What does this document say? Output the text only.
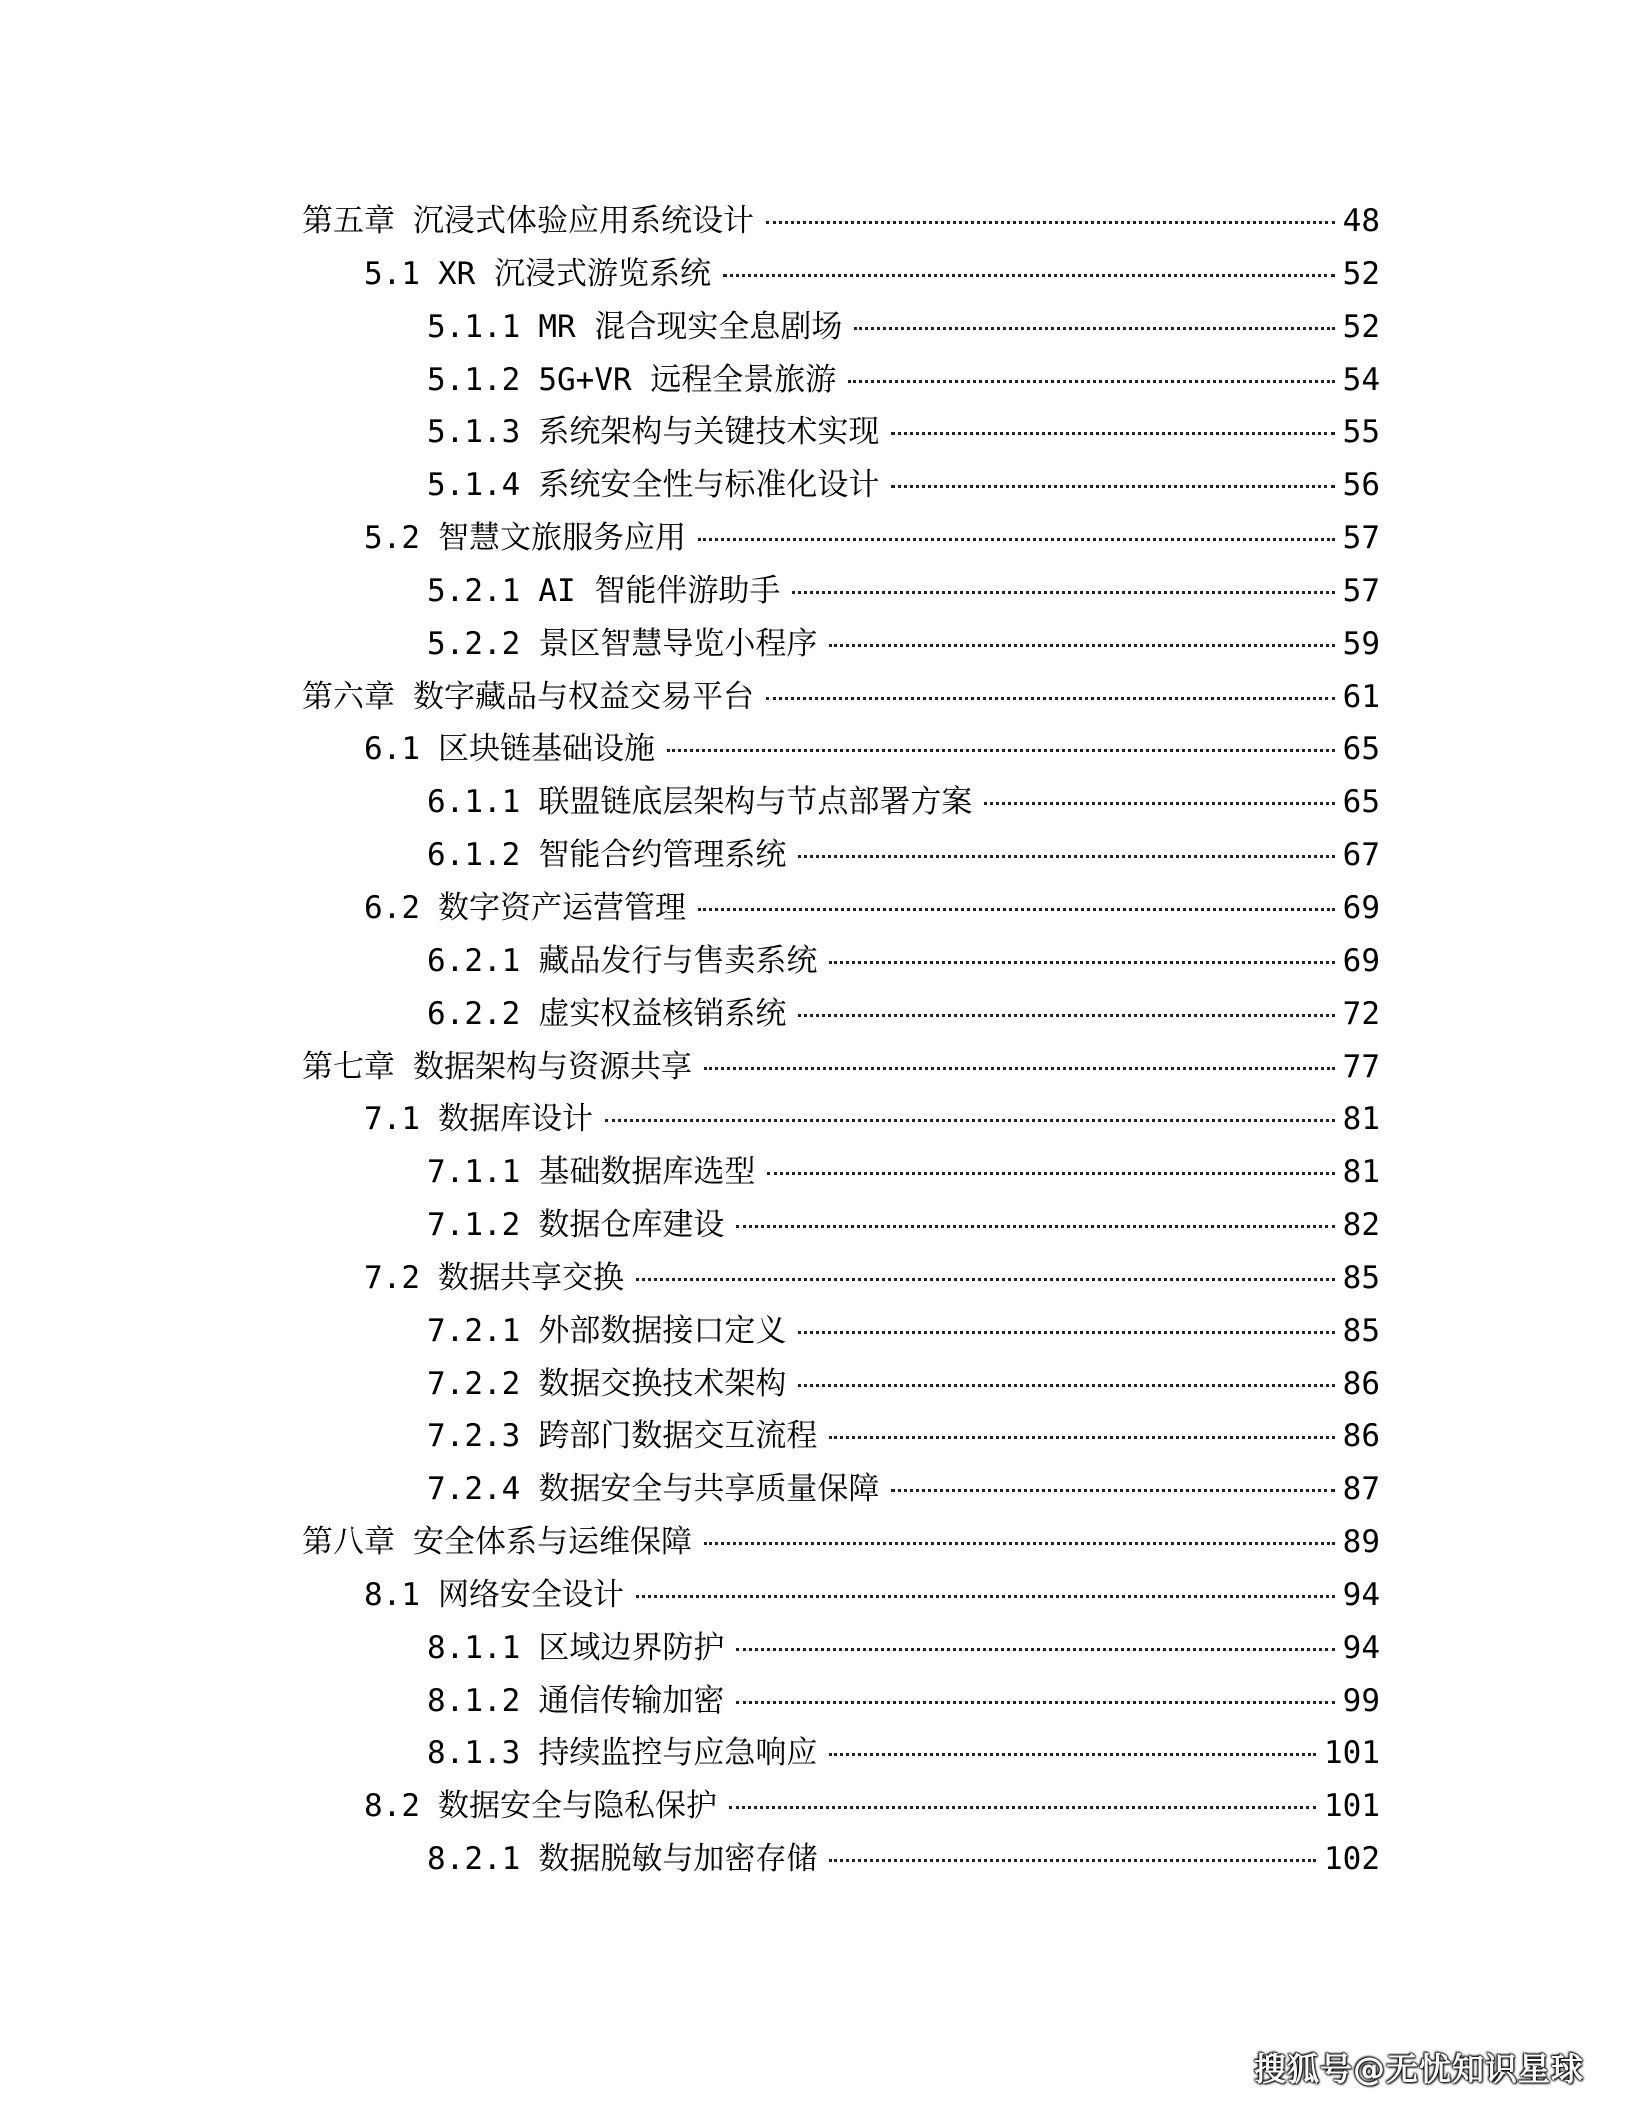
第五章 沉浸式体验应用系统设计	48
5.1 XR 沉浸式游览系统	52
5.1.1 MR 混合现实全息剧场	52
5.1.2 5G+VR 远程全景旅游	54
5.1.3 系统架构与关键技术实现	55
5.1.4 系统安全性与标准化设计	56
5.2 智慧文旅服务应用	57
5.2.1 AI 智能伴游助手	57
5.2.2 景区智慧导览小程序	59
第六章 数字藏品与权益交易平台	61
6.1 区块链基础设施	65
6.1.1 联盟链底层架构与节点部署方案	65
6.1.2 智能合约管理系统	67
6.2 数字资产运营管理	69
6.2.1 藏品发行与售卖系统	69
6.2.2 虚实权益核销系统	72
第七章 数据架构与资源共享	77
7.1 数据库设计	81
7.1.1 基础数据库选型	81
7.1.2 数据仓库建设	82
7.2 数据共享交换	85
7.2.1 外部数据接口定义	85
7.2.2 数据交换技术架构	86
7.2.3 跨部门数据交互流程	86
7.2.4 数据安全与共享质量保障	87
第八章 安全体系与运维保障	89
8.1 网络安全设计	94
8.1.1 区域边界防护	94
8.1.2 通信传输加密	99
8.1.3 持续监控与应急响应	101
8.2 数据安全与隐私保护	101
8.2.1 数据脱敏与加密存储	102
搜狐号@无忧知识星球
